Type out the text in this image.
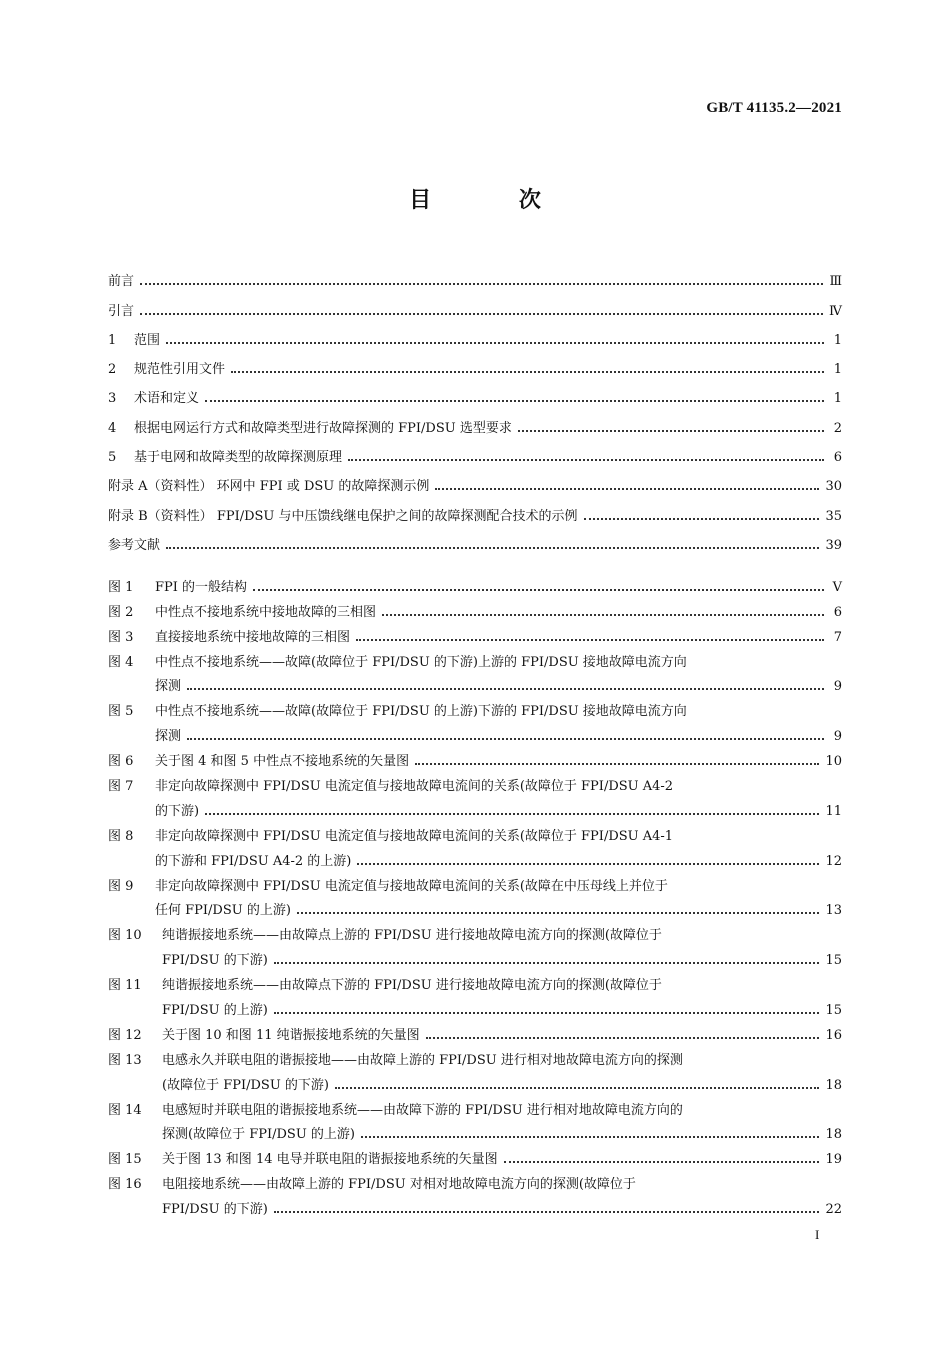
GB/T 41135.2—2021
目 次
前言	Ⅲ
引言	Ⅳ
1	范围	1
2	规范性引用文件	1
3	术语和定义	1
4	根据电网运行方式和故障类型进行故障探测的 FPI/DSU 选型要求	2
5	基于电网和故障类型的故障探测原理	6
附录 A（资料性） 环网中 FPI 或 DSU 的故障探测示例	30
附录 B（资料性） FPI/DSU 与中压馈线继电保护之间的故障探测配合技术的示例	35
参考文献	39
图 1	FPI 的一般结构	Ⅴ
图 2	中性点不接地系统中接地故障的三相图	6
图 3	直接接地系统中接地故障的三相图	7
图 4	中性点不接地系统——故障(故障位于 FPI/DSU 的下游)上游的 FPI/DSU 接地故障电流方向
探测	9
图 5	中性点不接地系统——故障(故障位于 FPI/DSU 的上游)下游的 FPI/DSU 接地故障电流方向
探测	9
图 6	关于图 4 和图 5 中性点不接地系统的矢量图	10
图 7	非定向故障探测中 FPI/DSU 电流定值与接地故障电流间的关系(故障位于 FPI/DSU A4-2
的下游)	11
图 8	非定向故障探测中 FPI/DSU 电流定值与接地故障电流间的关系(故障位于 FPI/DSU A4-1
的下游和 FPI/DSU A4-2 的上游)	12
图 9	非定向故障探测中 FPI/DSU 电流定值与接地故障电流间的关系(故障在中压母线上并位于
任何 FPI/DSU 的上游)	13
图 10	纯谐振接地系统——由故障点上游的 FPI/DSU 进行接地故障电流方向的探测(故障位于
FPI/DSU 的下游)	15
图 11	纯谐振接地系统——由故障点下游的 FPI/DSU 进行接地故障电流方向的探测(故障位于
FPI/DSU 的上游)	15
图 12	关于图 10 和图 11 纯谐振接地系统的矢量图	16
图 13	电感永久并联电阻的谐振接地——由故障上游的 FPI/DSU 进行相对地故障电流方向的探测
(故障位于 FPI/DSU 的下游)	18
图 14	电感短时并联电阻的谐振接地系统——由故障下游的 FPI/DSU 进行相对地故障电流方向的
探测(故障位于 FPI/DSU 的上游)	18
图 15	关于图 13 和图 14 电导并联电阻的谐振接地系统的矢量图	19
图 16	电阻接地系统——由故障上游的 FPI/DSU 对相对地故障电流方向的探测(故障位于
FPI/DSU 的下游)	22
I
